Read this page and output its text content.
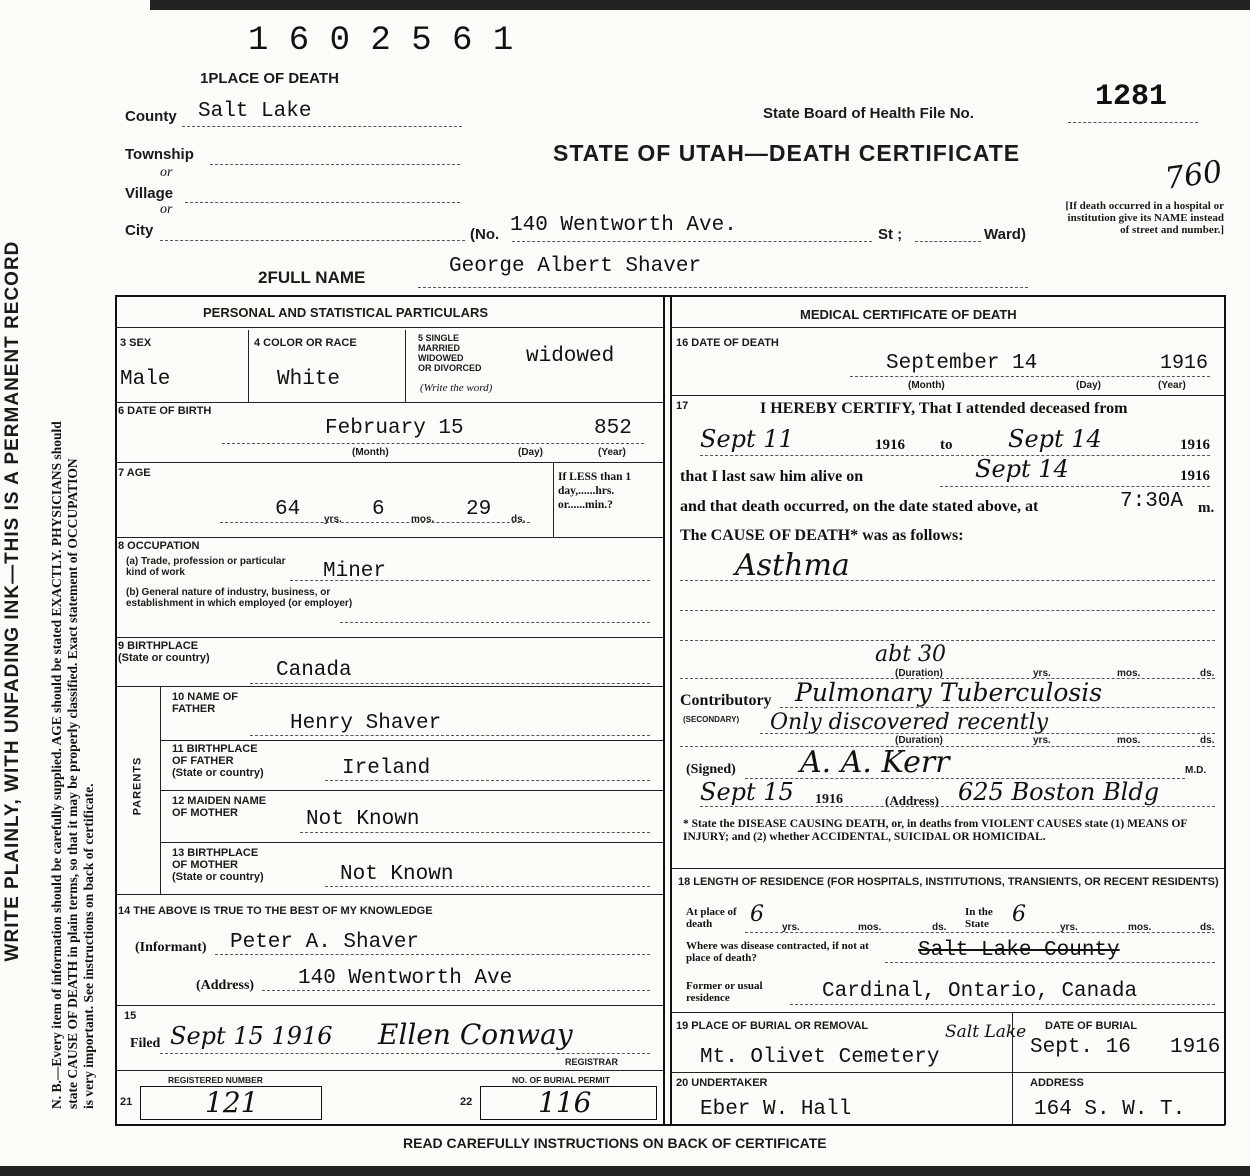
WRITE PLAINLY, WITH UNFADING INK—THIS IS A PERMANENT RECORD N. B.—Every item of information should be carefully supplied. AGE should be stated EXACTLY. PHYSICIANS should state CAUSE OF DEATH in plain terms, so that it may be properly classified. Exact statement of OCCUPATION is very important. See instructions on back of certificate.
1 6 0 2 5 6 1
1PLACE OF DEATH
County Salt Lake
Township
or
Village
or
City	(No. 140 Wentworth Ave.	St ;	Ward)
State Board of Health File No.	1281
STATE OF UTAH—DEATH CERTIFICATE
760
[If death occurred in a hospital or institution give its NAME instead of street and number.]
2FULL NAME	George Albert Shaver
PERSONAL AND STATISTICAL PARTICULARS	MEDICAL CERTIFICATE OF DEATH
3 SEX
Male
4 COLOR OR RACE
White
5 SINGLE
MARRIED
WIDOWED
OR DIVORCED
(Write the word)
widowed
6 DATE OF BIRTH
February 15	852
(Month)	(Day)	(Year)
7 AGE
64 yrs. 6	mos. 29 ds.
If LESS than 1 day,......hrs. or......min.?
8 OCCUPATION
(a) Trade, profession or particular kind of work	Miner
(b) General nature of industry, business, or establishment in which employed (or employer)
9 BIRTHPLACE
(State or country)
Canada
PARENTS
10 NAME OF
FATHER
Henry Shaver
11 BIRTHPLACE
OF FATHER
(State or country)	Ireland
12 MAIDEN NAME
OF MOTHER	Not Known
13 BIRTHPLACE
OF MOTHER
(State or country)	Not Known
14 THE ABOVE IS TRUE TO THE BEST OF MY KNOWLEDGE
(Informant) Peter A. Shaver
(Address) 140 Wentworth Ave
15
Filed Sept 15 1916 Ellen Conway
REGISTRAR
REGISTERED NUMBER
21	121
NO. OF BURIAL PERMIT
22 116
16 DATE OF DEATH
September 14	1916
(Month)	(Day)	(Year)
17	I HEREBY CERTIFY, That I attended deceased from
Sept 11	1916 to Sept 14	1916
that I last saw him alive on	Sept 14	1916
and that death occurred, on the date stated above, at	7:30A m.
The CAUSE OF DEATH* was as follows:
Asthma
abt 30
(Duration)	yrs.	mos.	ds.
Contributory
(SECONDARY)
Pulmonary Tuberculosis
Only discovered recently
(Duration)	yrs.	mos.	ds.
(Signed) A. A. Kerr	M.D.
Sept 15 1916	(Address) 625 Boston Bldg
* State the DISEASE CAUSING DEATH, or, in deaths from VIOLENT CAUSES state (1) MEANS OF INJURY; and (2) whether ACCIDENTAL, SUICIDAL OR HOMICIDAL.
18 LENGTH OF RESIDENCE (FOR HOSPITALS, INSTITUTIONS, TRANSIENTS, OR RECENT RESIDENTS)
At place of death	6
yrs.	mos.	ds.
In the State	6
yrs.	mos.	ds.
Where was disease contracted, if not at place of death?	Salt Lake County
Former or usual residence	Cardinal, Ontario, Canada
19 PLACE OF BURIAL OR REMOVAL	Salt Lake
Mt. Olivet Cemetery
DATE OF BURIAL
Sept. 16 1916
20 UNDERTAKER
Eber W. Hall
ADDRESS
164 S. W. T.
READ CAREFULLY INSTRUCTIONS ON BACK OF CERTIFICATE
